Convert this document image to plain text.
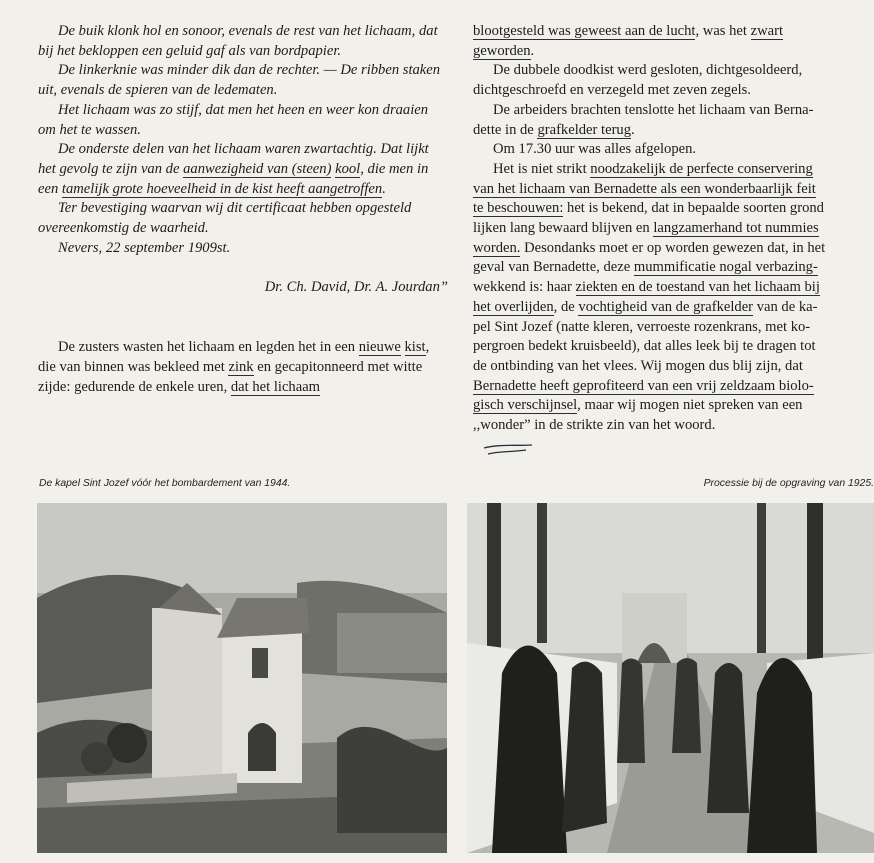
De buik klonk hol en sonoor, evenals de rest van het lichaam, dat bij het bekloppen een geluid gaf als van bordpapier.

De linkerknie was minder dik dan de rechter. — De ribben staken uit, evenals de spieren van de ledematen.

Het lichaam was zo stijf, dat men het heen en weer kon draaien om het te wassen.

De onderste delen van het lichaam waren zwartachtig. Dat lijkt het gevolg te zijn van de aanwezigheid van (steen) kool, die men in een tamelijk grote hoeveelheid in de kist heeft aangetroffen.

Ter bevestiging waarvan wij dit certificaat hebben opgesteld overeenkomstig de waarheid.

Nevers, 22 september 1909st.

Dr. Ch. David, Dr. A. Jourdan”

De zusters wasten het lichaam en legden het in een nieuwe kist, die van binnen was bekleed met zink en gecapitonneerd met witte zijde: gedurende de enkele uren, dat het lichaam

blootgesteld was geweest aan de lucht, was het zwart

geworden.

De dubbele doodkist werd gesloten, dichtgesoldeerd,

dichtgeschroefd en verzegeld met zeven zegels.

De arbeiders brachten tenslotte het lichaam van Berna-

dette in de grafkelder terug.

Om 17.30 uur was alles afgelopen.

Het is niet strikt noodzakelijk de perfecte conservering

van het lichaam van Bernadette als een wonderbaarlijk feit

te beschouwen: het is bekend, dat in bepaalde soorten grond

lijken lang bewaard blijven en langzamerhand tot nummies

worden. Desondanks moet er op worden gewezen dat, in het

geval van Bernadette, deze mummificatie nogal verbazing-

wekkend is: haar ziekten en de toestand van het lichaam bij

het overlijden, de vochtigheid van de grafkelder van de ka-

pel Sint Jozef (natte kleren, verroeste rozenkrans, met ko-

pergroen bedekt kruisbeeld), dat alles leek bij te dragen tot

de ontbinding van het vlees. Wij mogen dus blij zijn, dat

Bernadette heeft geprofiteerd van een vrij zeldzaam biolo-

gisch verschijnsel, maar wij mogen niet spreken van een

,,wonder” in de strikte zin van het woord.

De kapel Sint Jozef vóór het bombardement van 1944.	Processie bij de opgraving van 1925.
